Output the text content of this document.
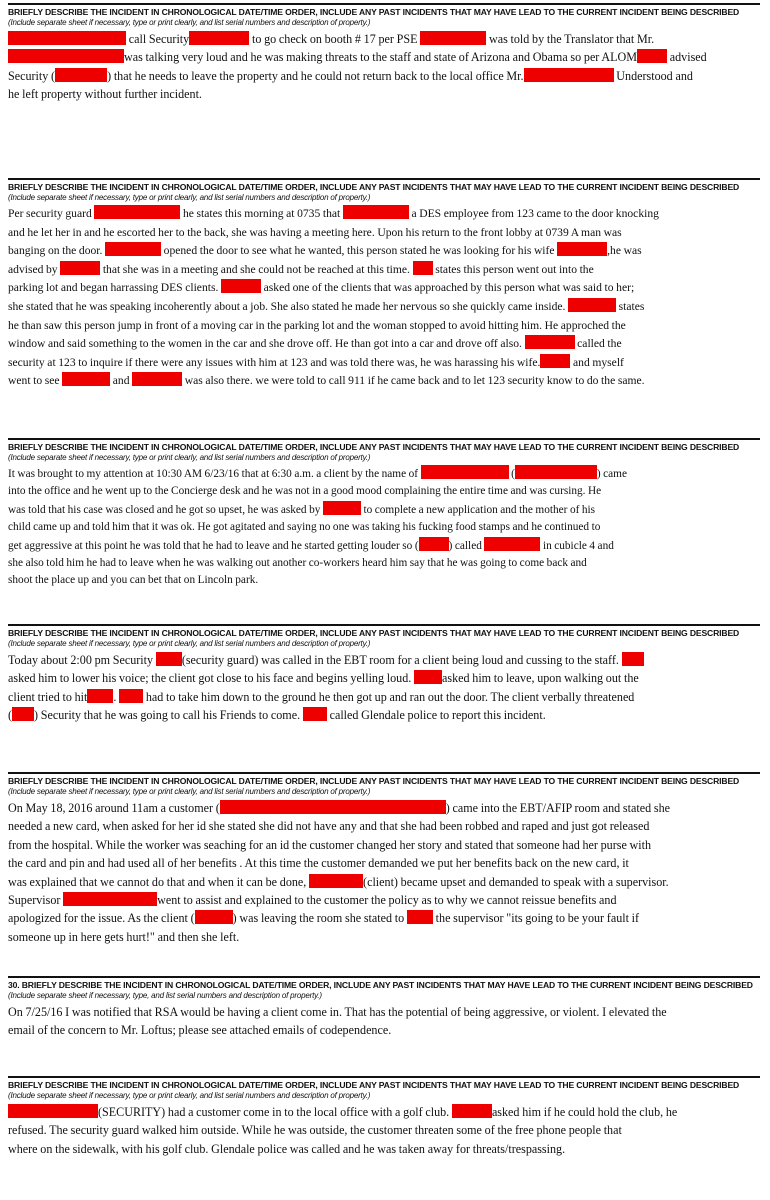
BRIEFLY DESCRIBE THE INCIDENT IN CHRONOLOGICAL DATE/TIME ORDER, INCLUDE ANY PAST INCIDENTS THAT MAY HAVE LEAD TO THE CURRENT INCIDENT BEING DESCRIBED (Include separate sheet if necessary, type or print clearly, and list serial numbers and description of property.)
call Security	to go check on booth # 17 per PSE	was told by the Translator that Mr.
was talking very loud and he was making threats to the staff and state of Arizona and Obama so per ALOM	advised
Security (	) that he needs to leave the property and he could not return back to the local office Mr.	Understood and
he left property without further incident.
BRIEFLY DESCRIBE THE INCIDENT IN CHRONOLOGICAL DATE/TIME ORDER, INCLUDE ANY PAST INCIDENTS THAT MAY HAVE LEAD TO THE CURRENT INCIDENT BEING DESCRIBED (Include separate sheet if necessary, type or print clearly, and list serial numbers and description of property.)
Per security guard	he states this morning at 0735 that	a DES employee from 123 came to the door knocking
and he let her in and he escorted her to the back, she was having a meeting here. Upon his return to the front lobby at 0739 A man was
banging on the door.	opened the door to see what he wanted, this person stated he was looking for his wife	,he was
advised by	that she was in a meeting and she could not be reached at this time. states this person went out into the
parking lot and began harrassing DES clients.	asked one of the clients that was approached by this person what was said to her;
she stated that he was speaking incoherently about a job. She also stated he made her nervous so she quickly came inside.	states
he than saw this person jump in front of a moving car in the parking lot and the woman stopped to avoid hitting him. He approched the
window and said something to the women in the car and she drove off. He than got into a car and drove off also.	called the
security at 123 to inquire if there were any issues with him at 123 and was told there was, he was harassing his wife.	and myself
went to see	and	was also there. we were told to call 911 if he came back and to let 123 security know to do the same.
BRIEFLY DESCRIBE THE INCIDENT IN CHRONOLOGICAL DATE/TIME ORDER, INCLUDE ANY PAST INCIDENTS THAT MAY HAVE LEAD TO THE CURRENT INCIDENT BEING DESCRIBED (Include separate sheet if necessary, type or print clearly, and list serial numbers and description of property.)
It was brought to my attention at 10:30 AM 6/23/16 that at 6:30 a.m. a client by the name of	(	) came
into the office and he went up to the Concierge desk and he was not in a good mood complaining the entire time and was cursing. He
was told that his case was closed and he got so upset, he was asked by	to complete a new application and the mother of his
child came up and told him that it was ok. He got agitated and saying no one was taking his fucking food stamps and he continued to
get aggressive at this point he was told that he had to leave and he started getting louder so (	) called	in cubicle 4 and
she also told him he had to leave when he was walking out another co-workers heard him say that he was going to come back and
shoot the place up and you can bet that on Lincoln park.
BRIEFLY DESCRIBE THE INCIDENT IN CHRONOLOGICAL DATE/TIME ORDER, INCLUDE ANY PAST INCIDENTS THAT MAY HAVE LEAD TO THE CURRENT INCIDENT BEING DESCRIBED (Include separate sheet if necessary, type or print clearly, and list serial numbers and description of property.)
Today about 2:00 pm Security (security guard) was called in the EBT room for a client being loud and cussing to the staff.
asked him to lower his voice; the client got close to his face and begins yelling loud.	asked him to leave, upon walking out the
client tried to hit . had to take him down to the ground he then got up and ran out the door. The client verbally threatened
( ) Security that he was going to call his Friends to come. called Glendale police to report this incident.
BRIEFLY DESCRIBE THE INCIDENT IN CHRONOLOGICAL DATE/TIME ORDER, INCLUDE ANY PAST INCIDENTS THAT MAY HAVE LEAD TO THE CURRENT INCIDENT BEING DESCRIBED (Include separate sheet if necessary, type or print clearly, and list serial numbers and description of property.)
On May 18, 2016 around 11am a customer (	) came into the EBT/AFIP room and stated she
needed a new card, when asked for her id she stated she did not have any and that she had been robbed and raped and just got released
from the hospital. While the worker was seaching for an id the customer changed her story and stated that someone had her purse with
the card and pin and had used all of her benefits . At this time the customer demanded we put her benefits back on the new card, it
was explained that we cannot do that and when it can be done,	(client) became upset and demanded to speak with a supervisor.
Supervisor	went to assist and explained to the customer the policy as to why we cannot reissue benefits and
apologized for the issue. As the client (	) was leaving the room she stated to	the supervisor "its going to be your fault if
someone up in here gets hurt!" and then she left.
30. BRIEFLY DESCRIBE THE INCIDENT IN CHRONOLOGICAL DATE/TIME ORDER, INCLUDE ANY PAST INCIDENTS THAT MAY HAVE LEAD TO THE CURRENT INCIDENT BEING DESCRIBED (Include separate sheet if necessary, type, and list serial numbers and description of property.)
On 7/25/16 I was notified that RSA would be having a client come in. That has the potential of being aggressive, or violent. I elevated the
email of the concern to Mr. Loftus; please see attached emails of codependence.
BRIEFLY DESCRIBE THE INCIDENT IN CHRONOLOGICAL DATE/TIME ORDER, INCLUDE ANY PAST INCIDENTS THAT MAY HAVE LEAD TO THE CURRENT INCIDENT BEING DESCRIBED (Include separate sheet if necessary, type or print clearly, and list serial numbers and description of property.)
(SECURITY) had a customer come in to the local office with a golf club.	asked him if he could hold the club, he
refused. The security guard walked him outside. While he was outside, the customer threaten some of the free phone people that
where on the sidewalk, with his golf club. Glendale police was called and he was taken away for threats/trespassing.
